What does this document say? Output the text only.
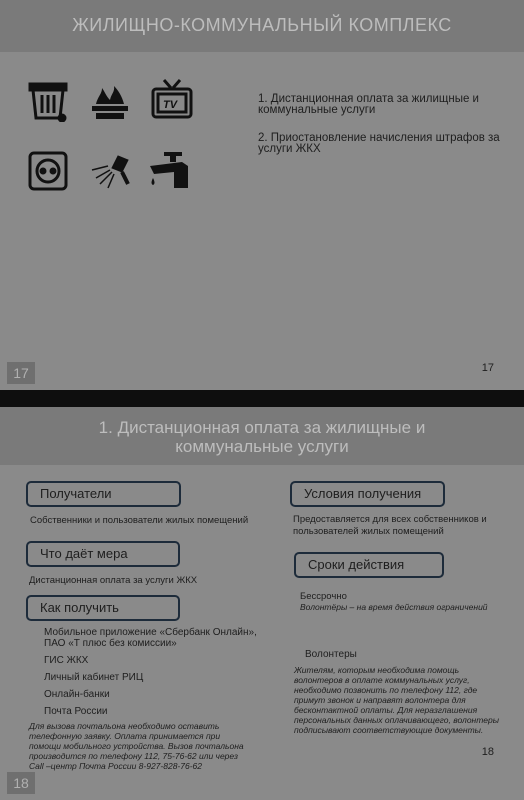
ЖИЛИЩНО-КОММУНАЛЬНЫЙ КОМПЛЕКС
TV	1. Дистанционная оплата за жилищные и коммунальные услуги
2. Приостановление начисления штрафов за услуги ЖКХ
17	17
1. Дистанционная оплата за жилищные и
коммунальные услуги
Получатели
Собственники и пользователи жилых помещений
Что даёт мера
Дистанционная оплата за услуги ЖКХ
Как получить
Мобильное приложение «Сбербанк Онлайн», ПАО «Т плюс без комиссии»
ГИС ЖКХ
Личный кабинет РИЦ
Онлайн-банки
Почта России
Для вызова почтальона необходимо оставить телефонную заявку. Оплата принимается при помощи мобильного устройства. Вызов почтальона производится по телефону 112, 75-76-62 или через Call –центр Почта России 8-927-828-76-62
Условия получения
Предоставляется для всех собственников и пользователей жилых помещений
Сроки действия
Бессрочно
Волонтёры – на время действия ограничений
Волонтеры
Жителям, которым необходима помощь волонтеров в оплате коммунальных услуг, необходимо позвонить по телефону 112, где примут звонок и направят волонтера для бесконтактной оплаты. Для неразглашения персональных данных оплачивающего, волонтеры подписывают соответствующие документы.
18
18
